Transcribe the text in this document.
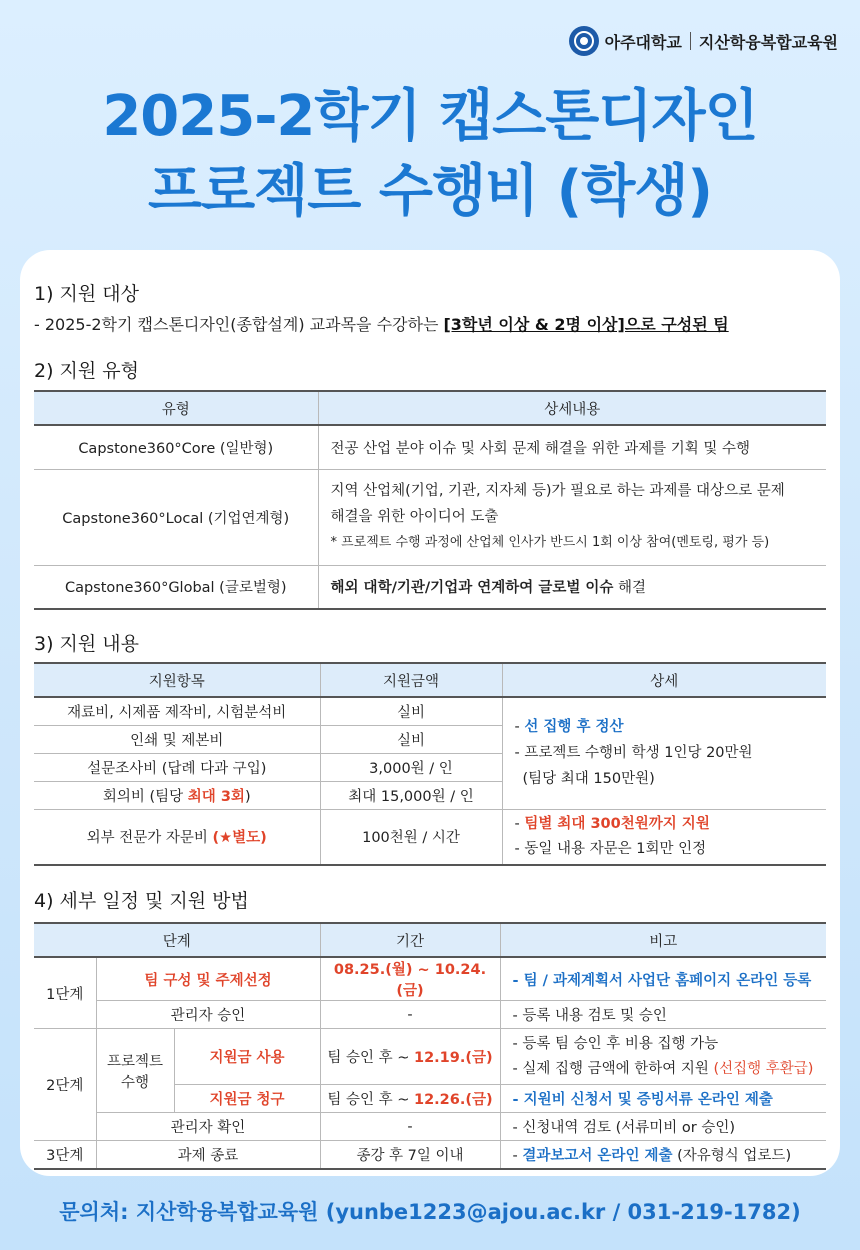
아주대학교 지산학융복합교육원
2025-2학기 캡스톤디자인
프로젝트 수행비 (학생)
1) 지원 대상
- 2025-2학기 캡스톤디자인(종합설계) 교과목을 수강하는 [3학년 이상 & 2명 이상]으로 구성된 팀
2) 지원 유형
유형	상세내용
Capstone360°Core (일반형)	전공 산업 분야 이슈 및 사회 문제 해결을 위한 과제를 기획 및 수행
Capstone360°Local (기업연계형)	지역 산업체(기업, 기관, 지자체 등)가 필요로 하는 과제를 대상으로 문제
해결을 위한 아이디어 도출
* 프로젝트 수행 과정에 산업체 인사가 반드시 1회 이상 참여(멘토링, 평가 등)

Capstone360°Global (글로벌형)	해외 대학/기관/기업과 연계하여 글로벌 이슈 해결
3) 지원 내용
지원항목	지원금액	상세
재료비, 시제품 제작비, 시험분석비	실비	- 선 집행 후 정산
- 프로젝트 수행비 학생 1인당 20만원
(팀당 최대 150만원)

인쇄 및 제본비	실비	
설문조사비 (답례 다과 구입)	3,000원 / 인	
회의비 (팀당 최대 3회)	최대 15,000원 / 인	
외부 전문가 자문비 (★별도)	100천원 / 시간	- 팀별 최대 300천원까지 지원
- 동일 내용 자문은 1회만 인정
4) 세부 일정 및 지원 방법
단계			기간	비고
1단계	팀 구성 및 주제선정		08.25.(월) ~ 10.24.(금)	- 팀 / 과제계획서 사업단 홈페이지 온라인 등록
	관리자 승인		-	- 등록 내용 검토 및 승인
2단계	프로젝트 수행	지원금 사용	팀 승인 후 ~ 12.19.(금)	- 등록 팀 승인 후 비용 집행 가능
- 실제 집행 금액에 한하여 지원 (선집행 후환급)

		지원금 청구	팀 승인 후 ~ 12.26.(금)	- 지원비 신청서 및 증빙서류 온라인 제출
	관리자 확인		-	- 신청내역 검토 (서류미비 or 승인)
3단계	과제 종료		종강 후 7일 이내	- 결과보고서 온라인 제출 (자유형식 업로드)
문의처: 지산학융복합교육원 (yunbe1223@ajou.ac.kr / 031-219-1782)
